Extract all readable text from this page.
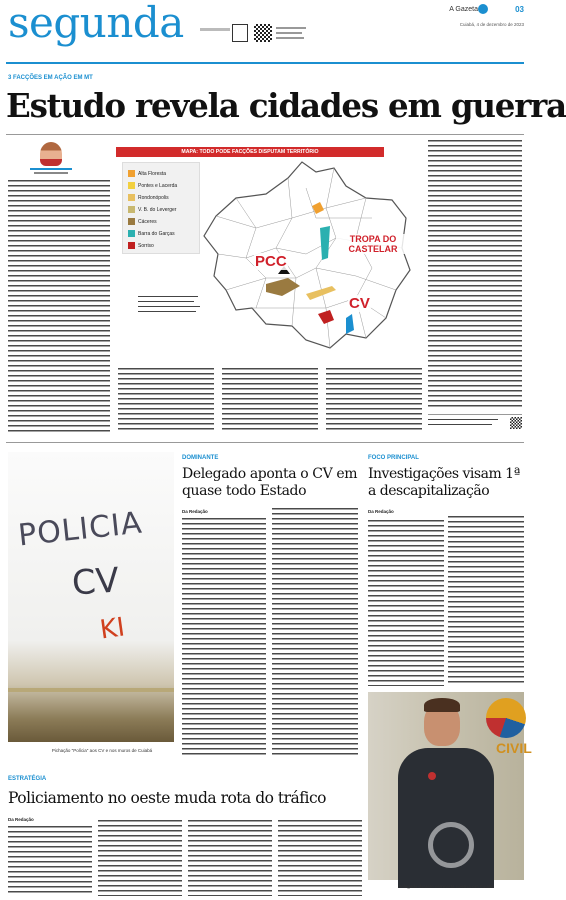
segunda	A Gazeta	03
Cuiabá, 4 de dezembro de 2023
3 FACÇÕES EM AÇÃO EM MT
Estudo revela cidades em guerra
MAPA: TODO PODE FACÇÕES DISPUTAM TERRITÓRIO
Alta Floresta
Pontes e Lacerda
Rondonópolis
V. B. do Leverger
Cáceres
Barra do Garças
Sorriso
PCC
TROPA DO CASTELAR
CV
POLICIA
CV
KI
Pichação "Polícia" aos CV e nos muros de Cuiabá
DOMINANTE
Delegado aponta o CV em quase todo Estado
Da Redação
FOCO PRINCIPAL
Investigações visam 1ª a descapitalização
Da Redação
CIVIL
Delegado durante entrevista coletiva em Cuiabá
ESTRATÉGIA
Policiamento no oeste muda rota do tráfico
Da Redação
